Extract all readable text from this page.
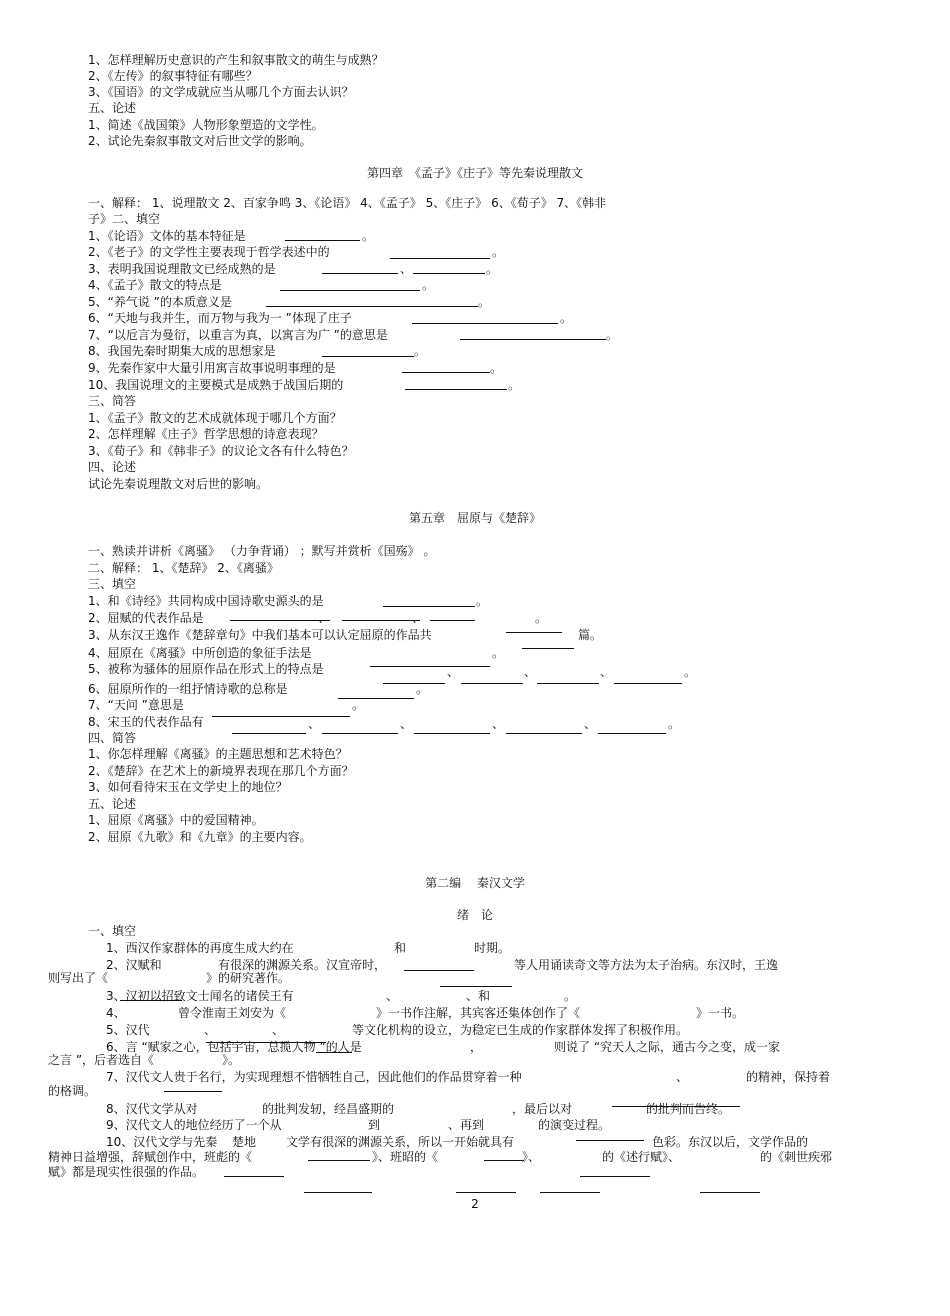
1、怎样理解历史意识的产生和叙事散文的萌生与成熟？
2、《左传》的叙事特征有哪些？
3、《国语》的文学成就应当从哪几个方面去认识？
五、论述
1、简述《战国策》人物形象塑造的文学性。
2、试论先秦叙事散文对后世文学的影响。
第四章　《孟子》《庄子》等先秦说理散文
一、解释： 1、说理散文 2、百家争鸣 3、《论语》 4、《孟子》 5、《庄子》 6、《荀子》 7、《韩非
子》二、填空
1、《论语》文体的基本特征是	。
2、《老子》的文学性主要表现于哲学表述中的	。
3、表明我国说理散文已经成熟的是	、	。
4、《孟子》散文的特点是	。
5、“养气说 ”的本质意义是	。
6、“天地与我并生，而万物与我为一 ”体现了庄子	。
7、“以卮言为曼衍，以重言为真，以寓言为广 ”的意思是	。
8、我国先秦时期集大成的思想家是	。
9、先秦作家中大量引用寓言故事说明事理的是	。
10、我国说理文的主要模式是成熟于战国后期的	。
三、简答
1、《孟子》散文的艺术成就体现于哪几个方面？
2、怎样理解《庄子》哲学思想的诗意表现？
3、《荀子》和《韩非子》的议论文各有什么特色？
四、论述
试论先秦说理散文对后世的影响。
第五章　屈原与《楚辞》
一、熟读并讲析《离骚》 （力争背诵） ；默写并赏析《国殇》 。
二、解释： 1、《楚辞》 2、《离骚》
三、填空
1、和《诗经》共同构成中国诗歌史源头的是	。
2、屈赋的代表作品是	、	、	。
3、从东汉王逸作《楚辞章句》中我们基本可以认定屈原的作品共	篇。
4、屈原在《离骚》中所创造的象征手法是	。
5、被称为骚体的屈原作品在形式上的特点是	、	、	、	。
6、屈原所作的一组抒情诗歌的总称是	。
7、“天问 ”意思是	。
8、宋玉的代表作品有	、	、	、	、	。
四、简答
1、你怎样理解《离骚》的主题思想和艺术特色？
2、《楚辞》在艺术上的新境界表现在那几个方面？
3、如何看待宋玉在文学史上的地位？
五、论述
1、屈原《离骚》中的爱国精神。
2、屈原《九歌》和《九章》的主要内容。
第二编　 秦汉文学
绪　论
一、填空
1、西汉作家群体的再度生成大约在	和	时期。
2、汉赋和	有很深的渊源关系。汉宣帝时，	等人用诵读奇文等方法为太子治病。东汉时，王逸
则写出了《	》的研究著作。
3、汉初以招致文士闻名的诸侯王有	、	、和	。
4、	曾令淮南王刘安为《	》一书作注解，其宾客还集体创作了《	》一书。
5、汉代	、	、	等文化机构的设立，为稳定已生成的作家群体发挥了积极作用。
6、言 “赋家之心，包括宇宙，总揽人物 ”的人是	，	则说了 “究天人之际，通古今之变，成一家
之言 ”，后者选自《	》。
7、汉代文人贵于名行，为实现理想不惜牺牲自己，因此他们的作品贯穿着一种	、	的精神，保持着
的格调。
8、汉代文学从对	的批判发轫，经昌盛期的	，最后以对	的批判而告终。
9、汉代文人的地位经历了一个从	到	、再到	的演变过程。
10、汉代文学与先秦 楚地 文学有很深的渊源关系，所以一开始就具有	色彩。东汉以后，文学作品的
精神日益增强，辞赋创作中，班彪的《	》、班昭的《	》、	的《述行赋》、	的《刺世疾邪
赋》都是现实性很强的作品。
2
